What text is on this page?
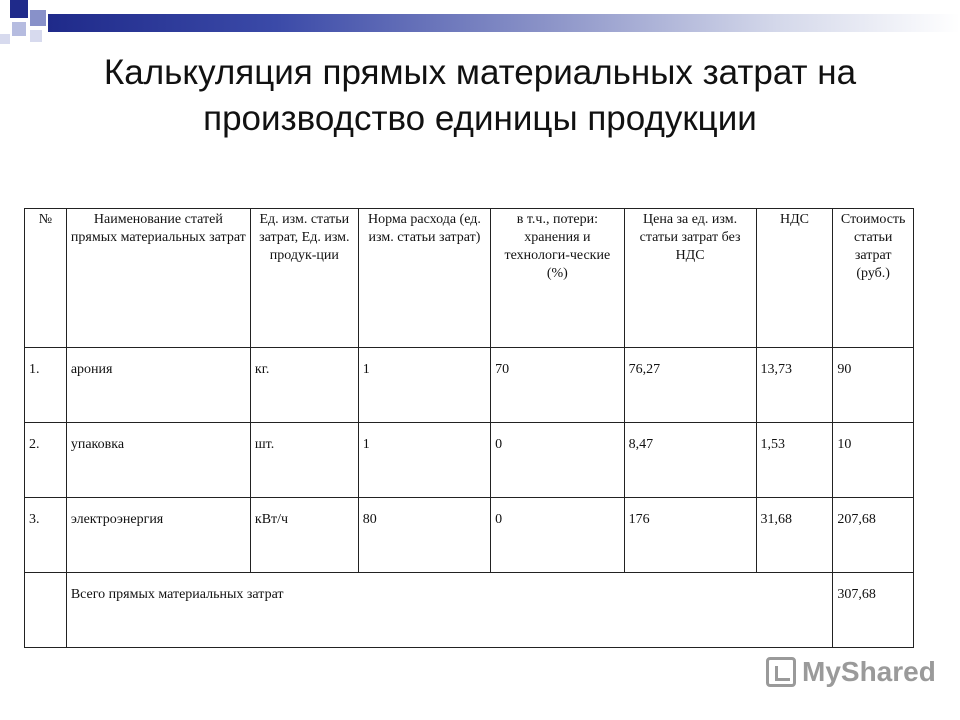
Калькуляция прямых материальных затрат на производство единицы продукции
№	Наименование статей прямых материальных затрат	Ед. изм. статьи затрат, Ед. изм. продук-ции	Норма расхода (ед. изм. статьи затрат)	в т.ч., потери: хранения и технологи-ческие (%)	Цена за ед. изм. статьи затрат без НДС	НДС	Стоимость статьи затрат (руб.)
1.	арония	кг.	1	70	76,27	13,73	90
2.	упаковка	шт.	1	0	8,47	1,53	10
3.	электроэнергия	кВт/ч	80	0	176	31,68	207,68
	Всего прямых материальных затрат						307,68
MyShared
